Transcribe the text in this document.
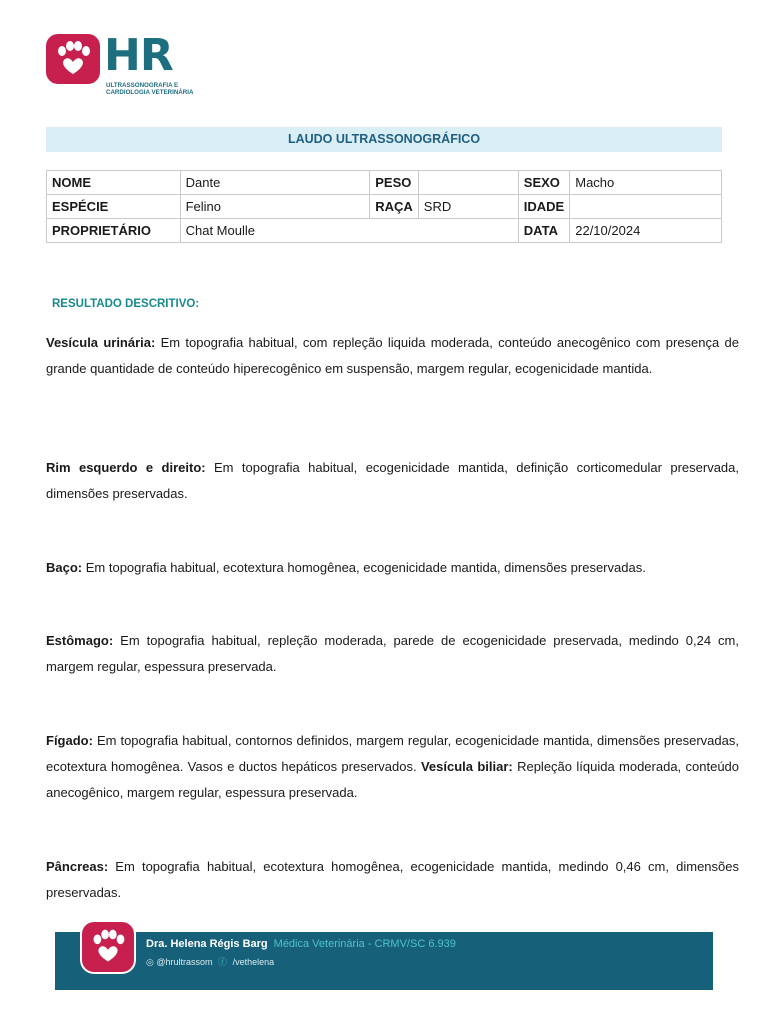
HR
ULTRASSONOGRAFIA E
CARDIOLOGIA VETERINÁRIA
LAUDO ULTRASSONOGRÁFICO
NOME	Dante	PESO		SEXO	Macho
ESPÉCIE	Felino	RAÇA	SRD	IDADE	
PROPRIETÁRIO	Chat Moulle			DATA	22/10/2024
RESULTADO DESCRITIVO:

Vesícula urinária: Em topografia habitual, com repleção liquida moderada, conteúdo anecogênico com presença de grande quantidade de conteúdo hiperecogênico em suspensão, margem regular, ecogenicidade mantida.

Rim esquerdo e direito: Em topografia habitual, ecogenicidade mantida, definição corticomedular preservada, dimensões preservadas.

Baço: Em topografia habitual, ecotextura homogênea, ecogenicidade mantida, dimensões preservadas.

Estômago: Em topografia habitual, repleção moderada, parede de ecogenicidade preservada, medindo 0,24 cm, margem regular, espessura preservada.

Fígado: Em topografia habitual, contornos definidos, margem regular, ecogenicidade mantida, dimensões preservadas, ecotextura homogênea. Vasos e ductos hepáticos preservados. Vesícula biliar: Repleção líquida moderada, conteúdo anecogênico, margem regular, espessura preservada.

Pâncreas: Em topografia habitual, ecotextura homogênea, ecogenicidade mantida, medindo 0,46 cm, dimensões preservadas.

Dra. Helena Régis Barg Médica Veterinária - CRMV/SC 6.939
◎ @hrultrassom ⓕ /vethelena
